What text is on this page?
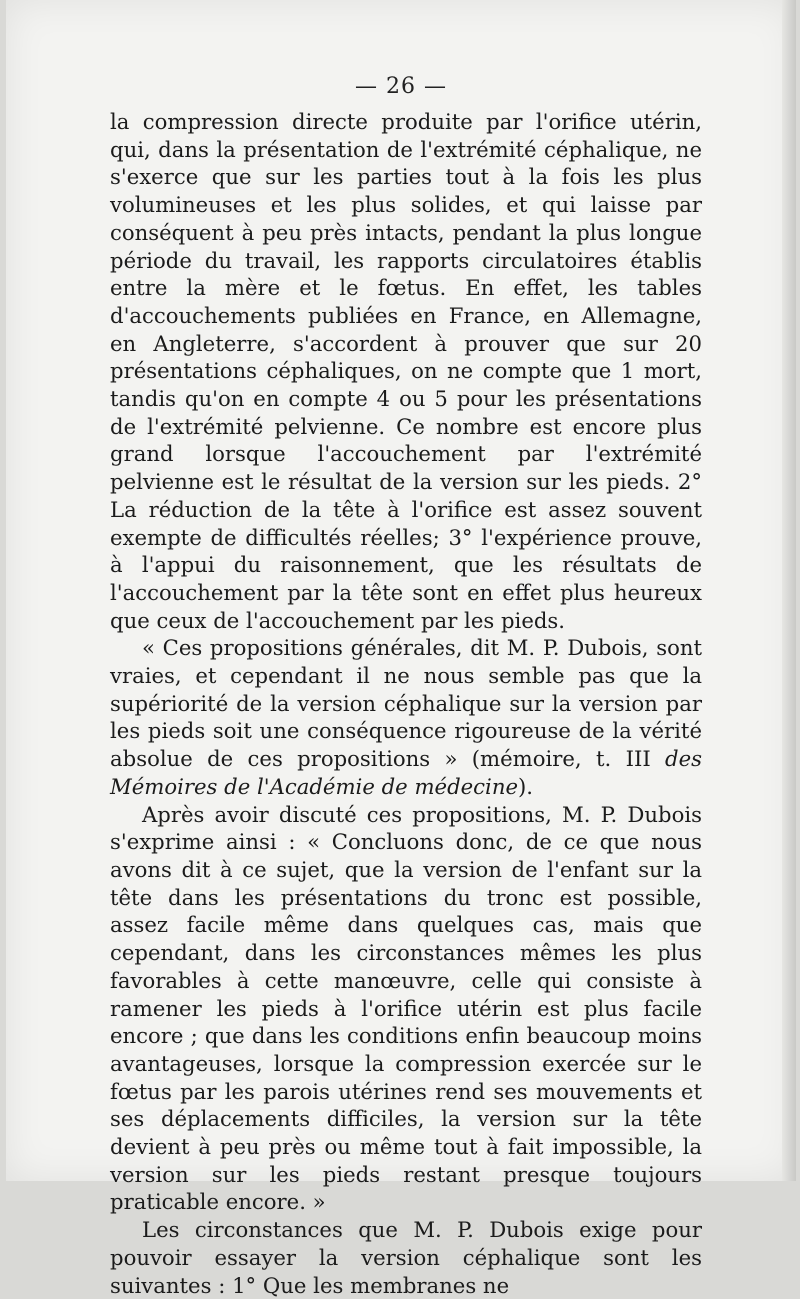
— 26 —

la compression directe produite par l'orifice utérin, qui, dans la présentation de l'extrémité céphalique, ne s'exerce que sur les parties tout à la fois les plus volumineuses et les plus solides, et qui laisse par conséquent à peu près intacts, pendant la plus longue période du travail, les rapports circulatoires établis entre la mère et le fœtus. En effet, les tables d'accouchements publiées en France, en Allemagne, en Angleterre, s'accordent à prouver que sur 20 présentations céphaliques, on ne compte que 1 mort, tandis qu'on en compte 4 ou 5 pour les présentations de l'extrémité pelvienne. Ce nombre est encore plus grand lorsque l'accouchement par l'extrémité pelvienne est le résultat de la version sur les pieds. 2° La réduction de la tête à l'orifice est assez souvent exempte de difficultés réelles; 3° l'expérience prouve, à l'appui du raisonnement, que les résultats de l'accouchement par la tête sont en effet plus heureux que ceux de l'accouchement par les pieds.

« Ces propositions générales, dit M. P. Dubois, sont vraies, et cependant il ne nous semble pas que la supériorité de la version céphalique sur la version par les pieds soit une conséquence rigoureuse de la vérité absolue de ces propositions » (mémoire, t. III des Mémoires de l'Académie de médecine).

Après avoir discuté ces propositions, M. P. Dubois s'exprime ainsi : « Concluons donc, de ce que nous avons dit à ce sujet, que la version de l'enfant sur la tête dans les présentations du tronc est possible, assez facile même dans quelques cas, mais que cependant, dans les circonstances mêmes les plus favorables à cette manœuvre, celle qui consiste à ramener les pieds à l'orifice utérin est plus facile encore ; que dans les conditions enfin beaucoup moins avantageuses, lorsque la compression exercée sur le fœtus par les parois utérines rend ses mouvements et ses déplacements difficiles, la version sur la tête devient à peu près ou même tout à fait impossible, la version sur les pieds restant presque toujours praticable encore. »

Les circonstances que M. P. Dubois exige pour pouvoir essayer la version céphalique sont les suivantes : 1° Que les membranes ne
